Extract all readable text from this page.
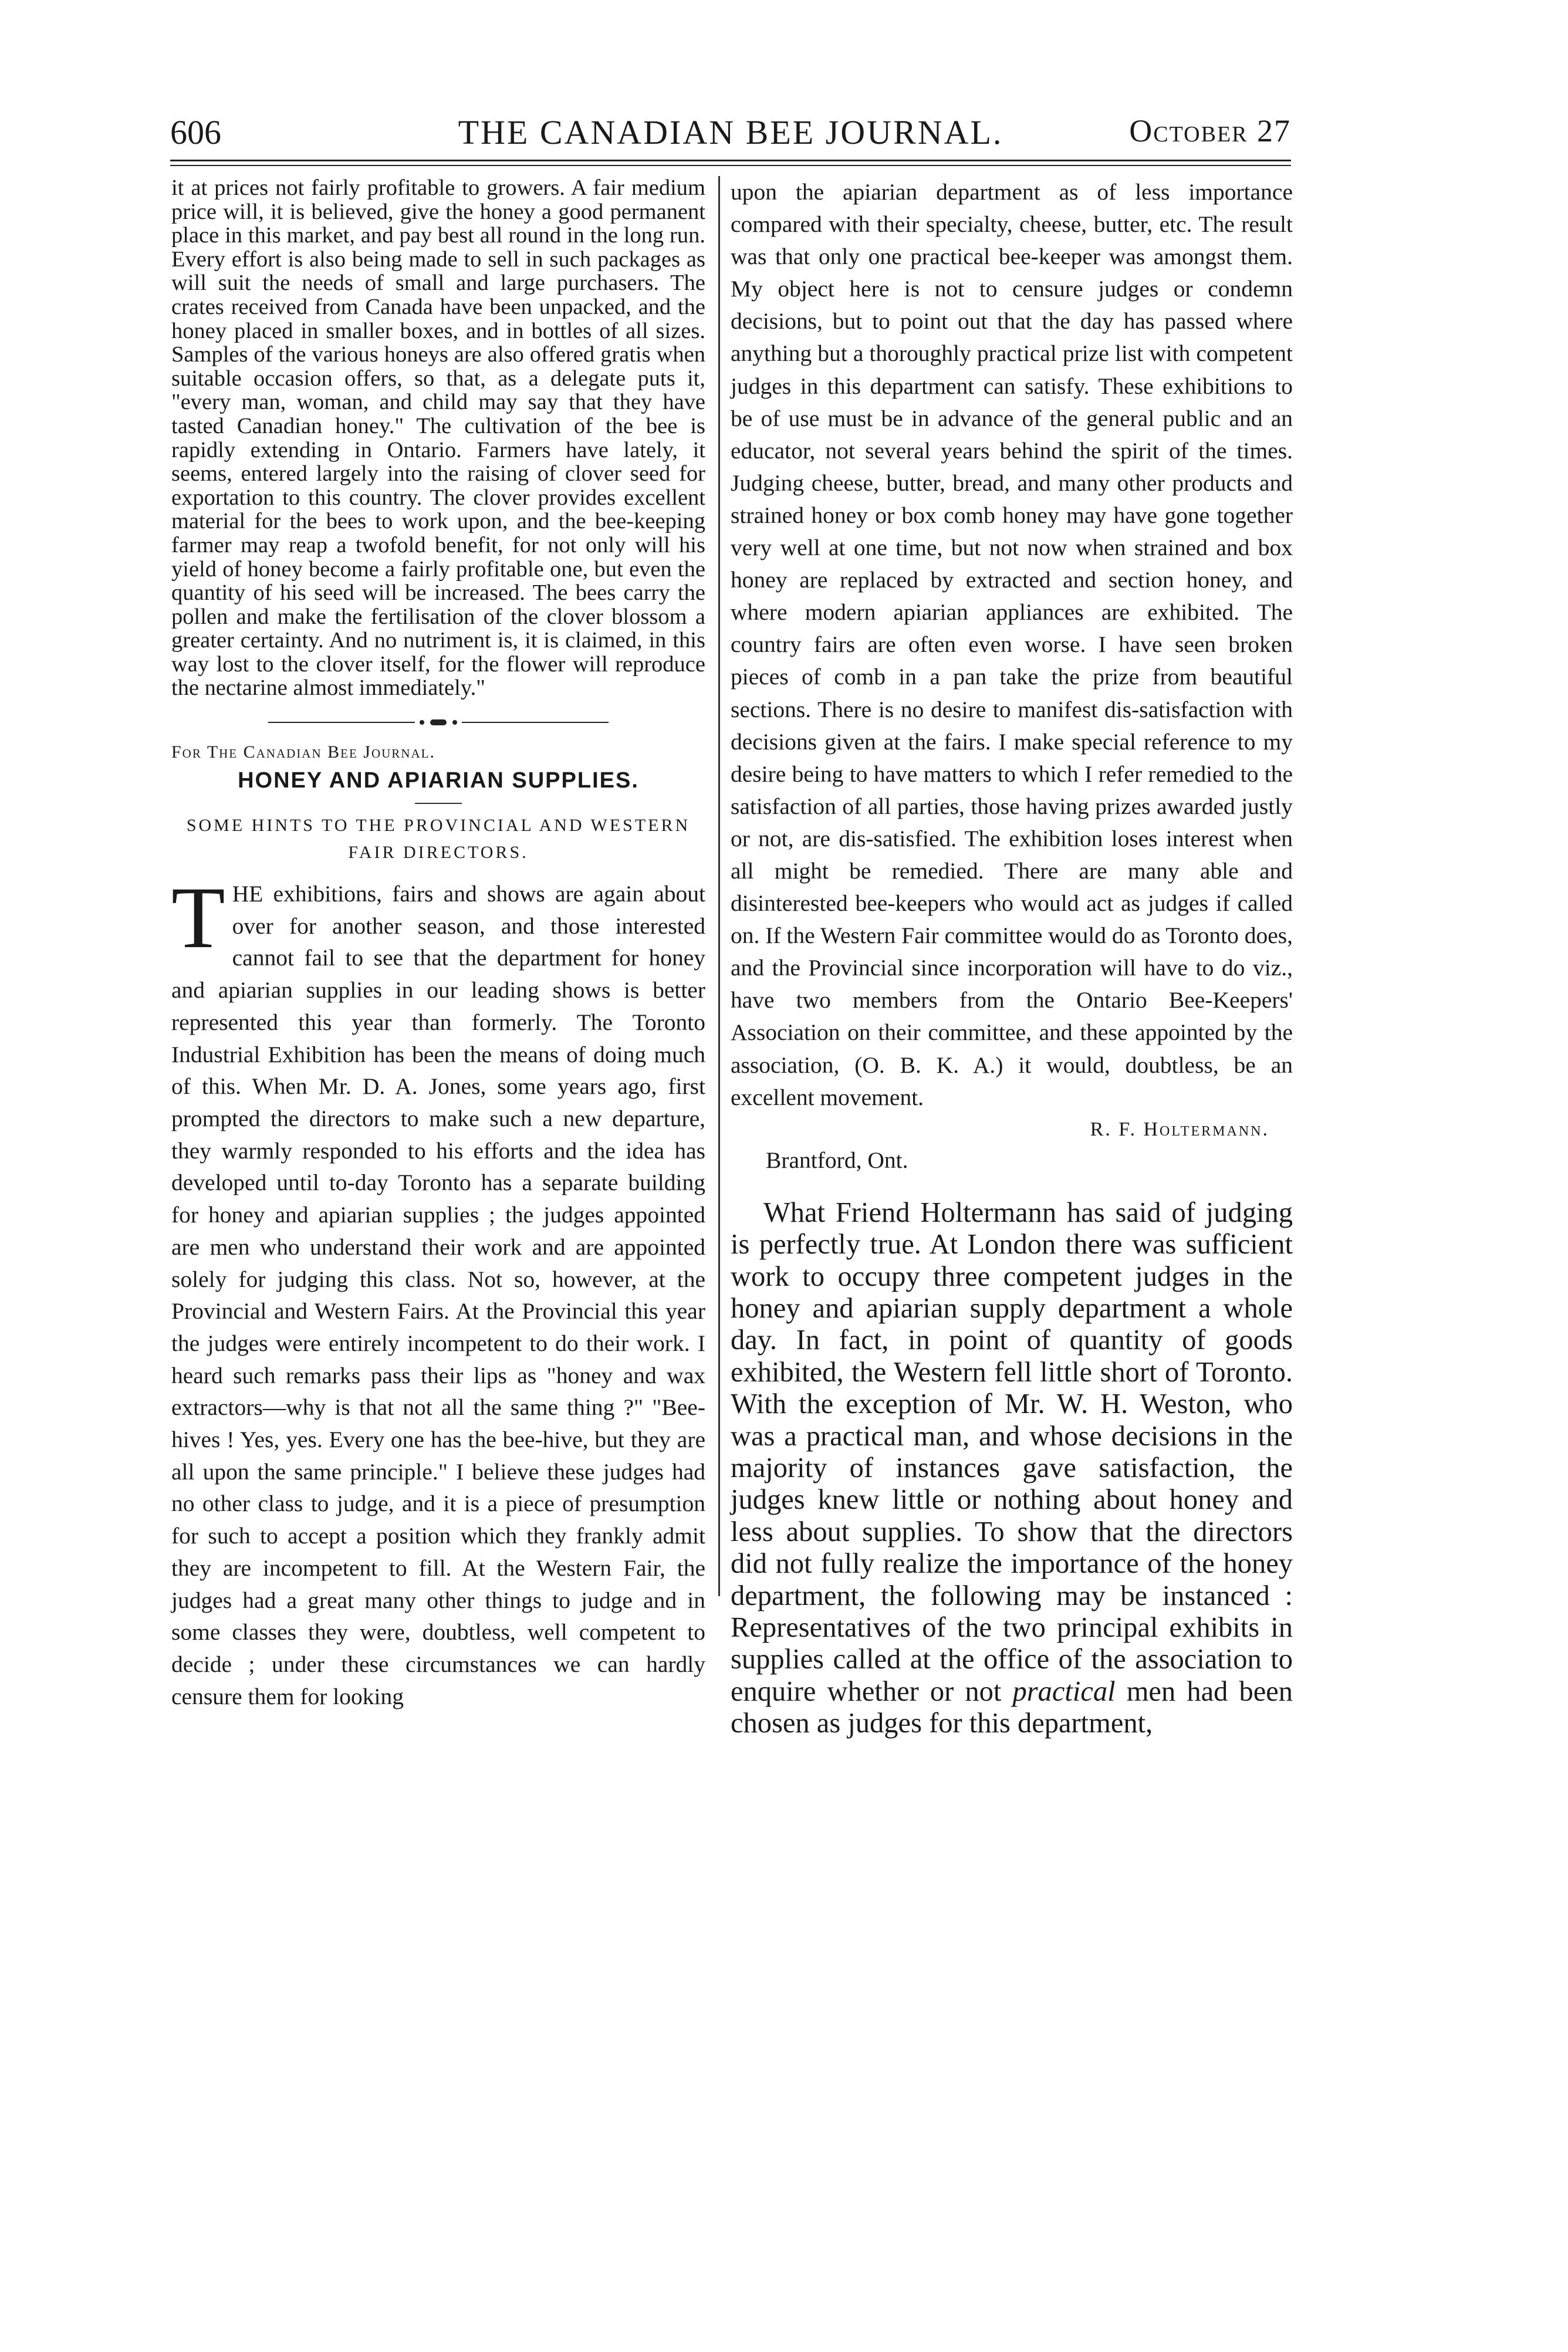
606	THE CANADIAN BEE JOURNAL.	October 27

it at prices not fairly profitable to growers. A fair medium price will, it is believed, give the honey a good permanent place in this market, and pay best all round in the long run. Every effort is also being made to sell in such packages as will suit the needs of small and large purchasers. The crates received from Canada have been unpacked, and the honey placed in smaller boxes, and in bottles of all sizes. Samples of the various honeys are also offered gratis when suitable occasion offers, so that, as a delegate puts it, "every man, woman, and child may say that they have tasted Canadian honey." The cultivation of the bee is rapidly extending in Ontario. Farmers have lately, it seems, entered largely into the raising of clover seed for exportation to this country. The clover provides excellent material for the bees to work upon, and the bee-keeping farmer may reap a twofold benefit, for not only will his yield of honey become a fairly profitable one, but even the quantity of his seed will be increased. The bees carry the pollen and make the fertilisation of the clover blossom a greater certainty. And no nutriment is, it is claimed, in this way lost to the clover itself, for the flower will reproduce the nectarine almost immediately."

For The Canadian Bee Journal.
HONEY AND APIARIAN SUPPLIES.
SOME HINTS TO THE PROVINCIAL AND WESTERN
FAIR DIRECTORS.

THE exhibitions, fairs and shows are again about over for another season, and those interested cannot fail to see that the department for honey and apiarian supplies in our leading shows is better represented this year than formerly. The Toronto Industrial Exhibition has been the means of doing much of this. When Mr. D. A. Jones, some years ago, first prompted the directors to make such a new departure, they warmly responded to his efforts and the idea has developed until to-day Toronto has a separate building for honey and apiarian supplies ; the judges appointed are men who understand their work and are appointed solely for judging this class. Not so, however, at the Provincial and Western Fairs. At the Provincial this year the judges were entirely incompetent to do their work. I heard such remarks pass their lips as "honey and wax extractors—why is that not all the same thing ?" "Bee-hives ! Yes, yes. Every one has the bee-hive, but they are all upon the same principle." I believe these judges had no other class to judge, and it is a piece of presumption for such to accept a position which they frankly admit they are incompetent to fill. At the Western Fair, the judges had a great many other things to judge and in some classes they were, doubtless, well competent to decide ; under these circumstances we can hardly censure them for looking

upon the apiarian department as of less importance compared with their specialty, cheese, butter, etc. The result was that only one practical bee-keeper was amongst them. My object here is not to censure judges or condemn decisions, but to point out that the day has passed where anything but a thoroughly practical prize list with competent judges in this department can satisfy. These exhibitions to be of use must be in advance of the general public and an educator, not several years behind the spirit of the times. Judging cheese, butter, bread, and many other products and strained honey or box comb honey may have gone together very well at one time, but not now when strained and box honey are replaced by extracted and section honey, and where modern apiarian appliances are exhibited. The country fairs are often even worse. I have seen broken pieces of comb in a pan take the prize from beautiful sections. There is no desire to manifest dis-satisfaction with decisions given at the fairs. I make special reference to my desire being to have matters to which I refer remedied to the satisfaction of all parties, those having prizes awarded justly or not, are dis-satisfied. The exhibition loses interest when all might be remedied. There are many able and disinterested bee-keepers who would act as judges if called on. If the Western Fair committee would do as Toronto does, and the Provincial since incorporation will have to do viz., have two members from the Ontario Bee-Keepers' Association on their committee, and these appointed by the association, (O. B. K. A.) it would, doubtless, be an excellent movement.

R. F. Holtermann.
Brantford, Ont.

What Friend Holtermann has said of judging is perfectly true. At London there was sufficient work to occupy three competent judges in the honey and apiarian supply department a whole day. In fact, in point of quantity of goods exhibited, the Western fell little short of Toronto. With the exception of Mr. W. H. Weston, who was a practical man, and whose decisions in the majority of instances gave satisfaction, the judges knew little or nothing about honey and less about supplies. To show that the directors did not fully realize the importance of the honey department, the following may be instanced : Representatives of the two principal exhibits in supplies called at the office of the association to enquire whether or not practical men had been chosen as judges for this department,
